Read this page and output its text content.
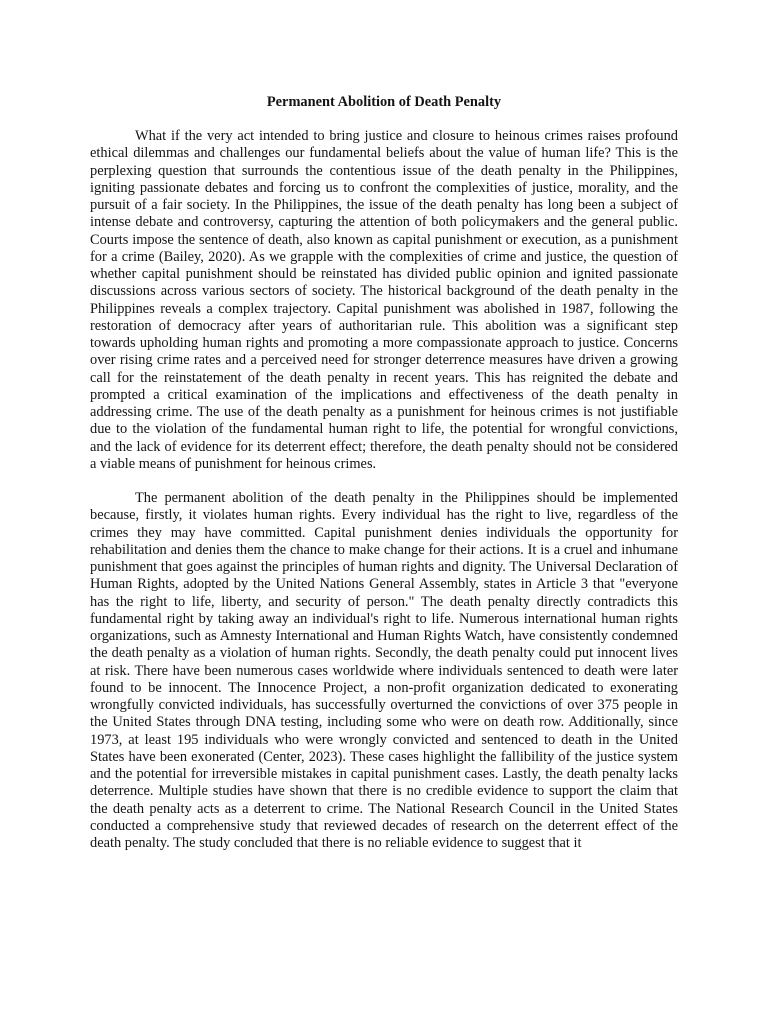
Permanent Abolition of Death Penalty

What if the very act intended to bring justice and closure to heinous crimes raises profound ethical dilemmas and challenges our fundamental beliefs about the value of human life? This is the perplexing question that surrounds the contentious issue of the death penalty in the Philippines, igniting passionate debates and forcing us to confront the complexities of justice, morality, and the pursuit of a fair society. In the Philippines, the issue of the death penalty has long been a subject of intense debate and controversy, capturing the attention of both policymakers and the general public. Courts impose the sentence of death, also known as capital punishment or execution, as a punishment for a crime (Bailey, 2020). As we grapple with the complexities of crime and justice, the question of whether capital punishment should be reinstated has divided public opinion and ignited passionate discussions across various sectors of society. The historical background of the death penalty in the Philippines reveals a complex trajectory. Capital punishment was abolished in 1987, following the restoration of democracy after years of authoritarian rule. This abolition was a significant step towards upholding human rights and promoting a more compassionate approach to justice. Concerns over rising crime rates and a perceived need for stronger deterrence measures have driven a growing call for the reinstatement of the death penalty in recent years. This has reignited the debate and prompted a critical examination of the implications and effectiveness of the death penalty in addressing crime. The use of the death penalty as a punishment for heinous crimes is not justifiable due to the violation of the fundamental human right to life, the potential for wrongful convictions, and the lack of evidence for its deterrent effect; therefore, the death penalty should not be considered a viable means of punishment for heinous crimes.

The permanent abolition of the death penalty in the Philippines should be implemented because, firstly, it violates human rights. Every individual has the right to live, regardless of the crimes they may have committed. Capital punishment denies individuals the opportunity for rehabilitation and denies them the chance to make change for their actions. It is a cruel and inhumane punishment that goes against the principles of human rights and dignity. The Universal Declaration of Human Rights, adopted by the United Nations General Assembly, states in Article 3 that "everyone has the right to life, liberty, and security of person." The death penalty directly contradicts this fundamental right by taking away an individual's right to life. Numerous international human rights organizations, such as Amnesty International and Human Rights Watch, have consistently condemned the death penalty as a violation of human rights. Secondly, the death penalty could put innocent lives at risk. There have been numerous cases worldwide where individuals sentenced to death were later found to be innocent. The Innocence Project, a non-profit organization dedicated to exonerating wrongfully convicted individuals, has successfully overturned the convictions of over 375 people in the United States through DNA testing, including some who were on death row. Additionally, since 1973, at least 195 individuals who were wrongly convicted and sentenced to death in the United States have been exonerated (Center, 2023). These cases highlight the fallibility of the justice system and the potential for irreversible mistakes in capital punishment cases. Lastly, the death penalty lacks deterrence. Multiple studies have shown that there is no credible evidence to support the claim that the death penalty acts as a deterrent to crime. The National Research Council in the United States conducted a comprehensive study that reviewed decades of research on the deterrent effect of the death penalty. The study concluded that there is no reliable evidence to suggest that it
